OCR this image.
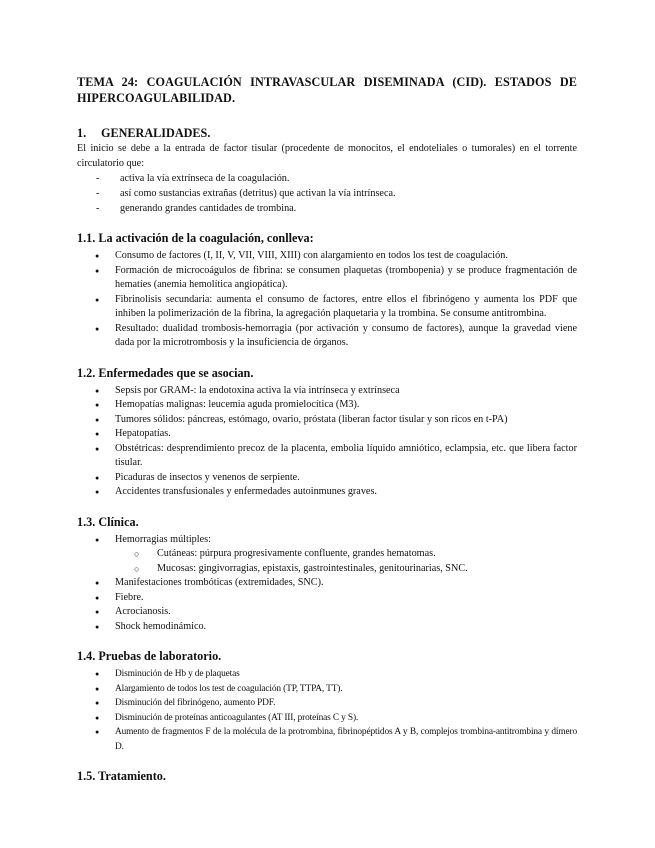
TEMA 24: COAGULACIÓN INTRAVASCULAR DISEMINADA (CID). ESTADOS DE HIPERCOAGULABILIDAD.
1.	GENERALIDADES.

El inicio se debe a la entrada de factor tisular (procedente de monocitos, el endoteliales o tumorales) en el torrente circulatorio que:

- activa la vía extrínseca de la coagulación.
- así como sustancias extrañas (detritus) que activan la vía intrínseca.
- generando grandes cantidades de trombina.
1.1. La activación de la coagulación, conlleva:
● Consumo de factores (I, II, V, VII, VIII, XIII) con alargamiento en todos los test de coagulación.
● Formación de microcoágulos de fibrina: se consumen plaquetas (trombopenia) y se produce fragmentación de hematíes (anemia hemolítica angiopática).
● Fibrinolisis secundaria: aumenta el consumo de factores, entre ellos el fibrinógeno y aumenta los PDF que inhiben la polimerización de la fibrina, la agregación plaquetaria y la trombina. Se consume antitrombina.
● Resultado: dualidad trombosis-hemorragia (por activación y consumo de factores), aunque la gravedad viene dada por la microtrombosis y la insuficiencia de órganos.
1.2. Enfermedades que se asocian.
● Sepsis por GRAM-: la endotoxina activa la vía intrínseca y extrínseca
● Hemopatías malignas: leucemia aguda promielocítica (M3).
● Tumores sólidos: páncreas, estómago, ovario, próstata (liberan factor tisular y son ricos en t-PA)
● Hepatopatías.
● Obstétricas: desprendimiento precoz de la placenta, embolia líquido amniótico, eclampsia, etc. que libera factor tisular.
● Picaduras de insectos y venenos de serpiente.
● Accidentes transfusionales y enfermedades autoinmunes graves.
1.3. Clínica.
● Hemorragias múltiples:
○ Cutáneas: púrpura progresivamente confluente, grandes hematomas.
○ Mucosas: gingivorragias, epistaxis, gastrointestinales, genitourinarias, SNC.
● Manifestaciones trombóticas (extremidades, SNC).
● Fiebre.
● Acrocianosis.
● Shock hemodinámico.
1.4. Pruebas de laboratorio.
● Disminución de Hb y de plaquetas
● Alargamiento de todos los test de coagulación (TP, TTPA, TT).
● Disminución del fibrinógeno, aumento PDF.
● Disminución de proteínas anticoagulantes (AT III, proteínas C y S).
● Aumento de fragmentos F de la molécula de la protrombina, fibrinopéptidos A y B, complejos trombina-antitrombina y dímero D.
1.5. Tratamiento.
